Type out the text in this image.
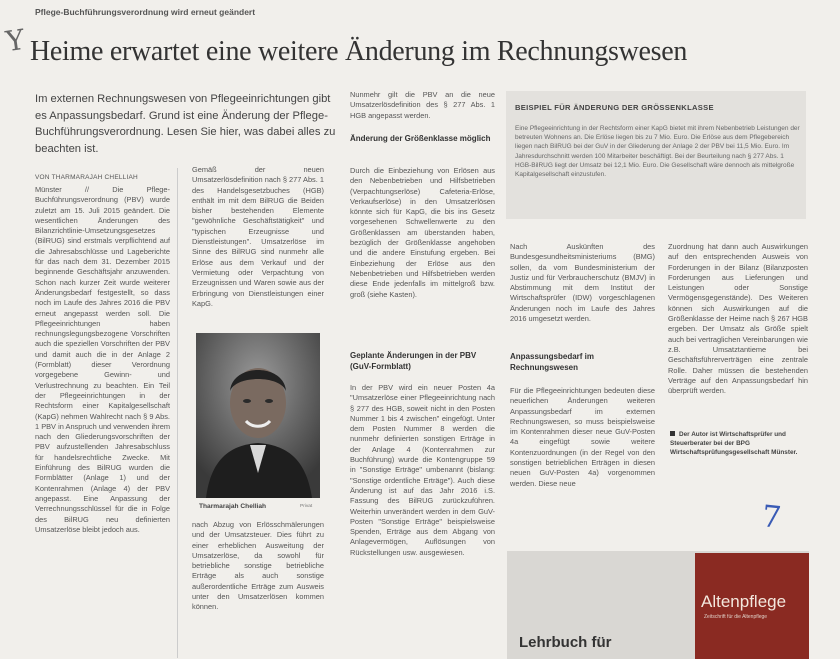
Pflege-Buchführungsverordnung wird erneut geändert
Y Heime erwartet eine weitere Änderung im Rechnungswesen
Im externen Rechnungswesen von Pflegeeinrichtungen gibt es Anpassungsbedarf. Grund ist eine Änderung der Pflege-Buchführungsverordnung. Lesen Sie hier, was dabei alles zu beachten ist.
VON THARMARAJAH CHELLIAH

Münster // Die Pflege-Buchführungsverordnung (PBV) wurde zuletzt am 15. Juli 2015 geändert. Die wesentlichen Änderungen des Bilanzrichtlinie-Umsetzungsgesetzes (BilRUG) sind erstmals verpflichtend auf die Jahresabschlüsse und Lageberichte für das nach dem 31. Dezember 2015 beginnende Geschäftsjahr anzuwenden. Schon nach kurzer Zeit wurde weiterer Änderungsbedarf festgestellt, so dass noch im Laufe des Jahres 2016 die PBV erneut angepasst werden soll. Die Pflegeeinrichtungen haben rechnungslegungsbezogene Vorschriften auch die speziellen Vorschriften der PBV und damit auch die in der Anlage 2 (Formblatt) dieser Verordnung vorgegebene Gewinn- und Verlustrechnung zu beachten. Ein Teil der Pflegeeinrichtungen in der Rechtsform einer Kapitalgesellschaft (KapG) nehmen Wahlrecht nach § 9 Abs. 1 PBV in Anspruch und verwenden ihrem nach den Gliederungsvorschriften der PBV aufzustellenden Jahresabschluss für handelsrechtliche Zwecke. Mit Einführung des BilRUG wurden die Formblätter (Anlage 1) und der Kontenrahmen (Anlage 4) der PBV angepasst. Eine Anpassung der Verrechnungsschlüssel für die in Folge des BilRUG neu definierten Umsatzerlöse bleibt jedoch aus.

Gemäß der neuen Umsatzerlösdefinition nach § 277 Abs. 1 des Handelsgesetzbuches (HGB) enthält im mit dem BilRUG die Beiden bisher bestehenden Elemente "gewöhnliche Geschäftstätigkeit" und "typischen Erzeugnisse und Dienstleistungen". Umsatzerlöse im Sinne des BilRUG sind nunmehr alle Erlöse aus dem Verkauf und der Vermietung oder Verpachtung von Erzeugnissen und Waren sowie aus der Erbringung von Dienstleistungen einer KapG.

Tharmarajah Chelliah	Privat

nach Abzug von Erlösschmälerungen und der Umsatzsteuer. Dies führt zu einer erheblichen Ausweitung der Umsatzerlöse, da sowohl für betriebliche sonstige betriebliche Erträge als auch sonstige außerordentliche Erträge zum Ausweis unter den Umsatzerlösen kommen können.

Nunmehr gilt die PBV an die neue Umsatzerlösdefinition des § 277 Abs. 1 HGB angepasst werden.

Änderung der Größenklasse möglich

Durch die Einbeziehung von Erlösen aus den Nebenbetrieben und Hilfsbetrieben (Verpachtungserlöse) Cafeteria-Erlöse, Verkaufserlöse) in den Umsatzerlösen könnte sich für KapG, die bis ins Gesetz vorgesehenen Schwellenwerte zu den Größenklassen am überstanden haben, bezüglich der Größenklasse angehoben und die andere Einstufung ergeben. Bei Einbeziehung der Erlöse aus den Nebenbetrieben und Hilfsbetrieben werden diese Ende jedenfalls im mittelgroß bzw. groß (siehe Kasten).

Geplante Änderungen in der PBV (GuV-Formblatt)

In der PBV wird ein neuer Posten 4a "Umsatzerlöse einer Pflegeeinrichtung nach § 277 des HGB, soweit nicht in den Posten Nummer 1 bis 4 zwischen" eingefügt. Unter dem Posten Nummer 8 werden die nunmehr definierten sonstigen Erträge in der Anlage 4 (Kontenrahmen zur Buchführung) wurde die Kontengruppe 59 in "Sonstige Erträge" umbenannt (bislang: "Sonstige ordentliche Erträge"). Auch diese Änderung ist auf das Jahr 2016 i.S. Fassung des BilRUG zurückzuführen. Weiterhin unverändert werden in dem GuV-Posten "Sonstige Erträge" beispielsweise Spenden, Erträge aus dem Abgang von Anlagevermögen, Auflösungen von Rückstellungen usw. ausgewiesen.

BEISPIEL FÜR ÄNDERUNG DER GRÖSSENKLASSE
Eine Pflegeeinrichtung in der Rechtsform einer KapG bietet mit ihrem Nebenbetrieb Leistungen der betreuten Wohnens an. Die Erlöse liegen bis zu 7 Mio. Euro. Die Erlöse aus dem Pflegebereich liegen nach BilRUG bei der GuV in der Gliederung der Anlage 2 der PBV bei 11,5 Mio. Euro. Im Jahresdurchschnitt werden 100 Mitarbeiter beschäftigt. Bei der Beurteilung nach § 277 Abs. 1 HGB-BilRUG liegt der Umsatz bei 12,1 Mio. Euro. Die Gesellschaft wäre dennoch als mittelgroße Kapitalgesellschaft einzustufen.

Nach Auskünften des Bundesgesundheitsministeriums (BMG) sollen, da vom Bundesministerium der Justiz und für Verbraucherschutz (BMJV) in Abstimmung mit dem Institut der Wirtschaftsprüfer (IDW) vorgeschlagenen Änderungen noch im Laufe des Jahres 2016 umgesetzt werden.

Anpassungsbedarf im Rechnungswesen

Für die Pflegeeinrichtungen bedeuten diese neuerlichen Änderungen weiteren Anpassungsbedarf im externen Rechnungswesen, so muss beispielsweise im Kontenrahmen dieser neue GuV-Posten 4a eingefügt sowie weitere Kontenzuordnungen (in der Regel von den sonstigen betrieblichen Erträgen in diesen neuen GuV-Posten 4a) vorgenommen werden. Diese neue

Zuordnung hat dann auch Auswirkungen auf den entsprechenden Ausweis von Forderungen in der Bilanz (Bilanzposten Forderungen aus Lieferungen und Leistungen oder Sonstige Vermögensgegenstände). Des Weiteren können sich Auswirkungen auf die Größenklasse der Heime nach § 267 HGB ergeben. Der Umsatz als Größe spielt auch bei vertraglichen Vereinbarungen wie z.B. Umsatztantieme bei Geschäftsführerverträgen eine zentrale Rolle. Daher müssen die bestehenden Verträge auf den Anpassungsbedarf hin überprüft werden.

Der Autor ist Wirtschaftsprüfer und Steuerberater bei der BPG Wirtschaftsprüfungsgesellschaft Münster.
7
Lehrbuch für
Altenpflege
Zeitschrift für die Altenpflege
